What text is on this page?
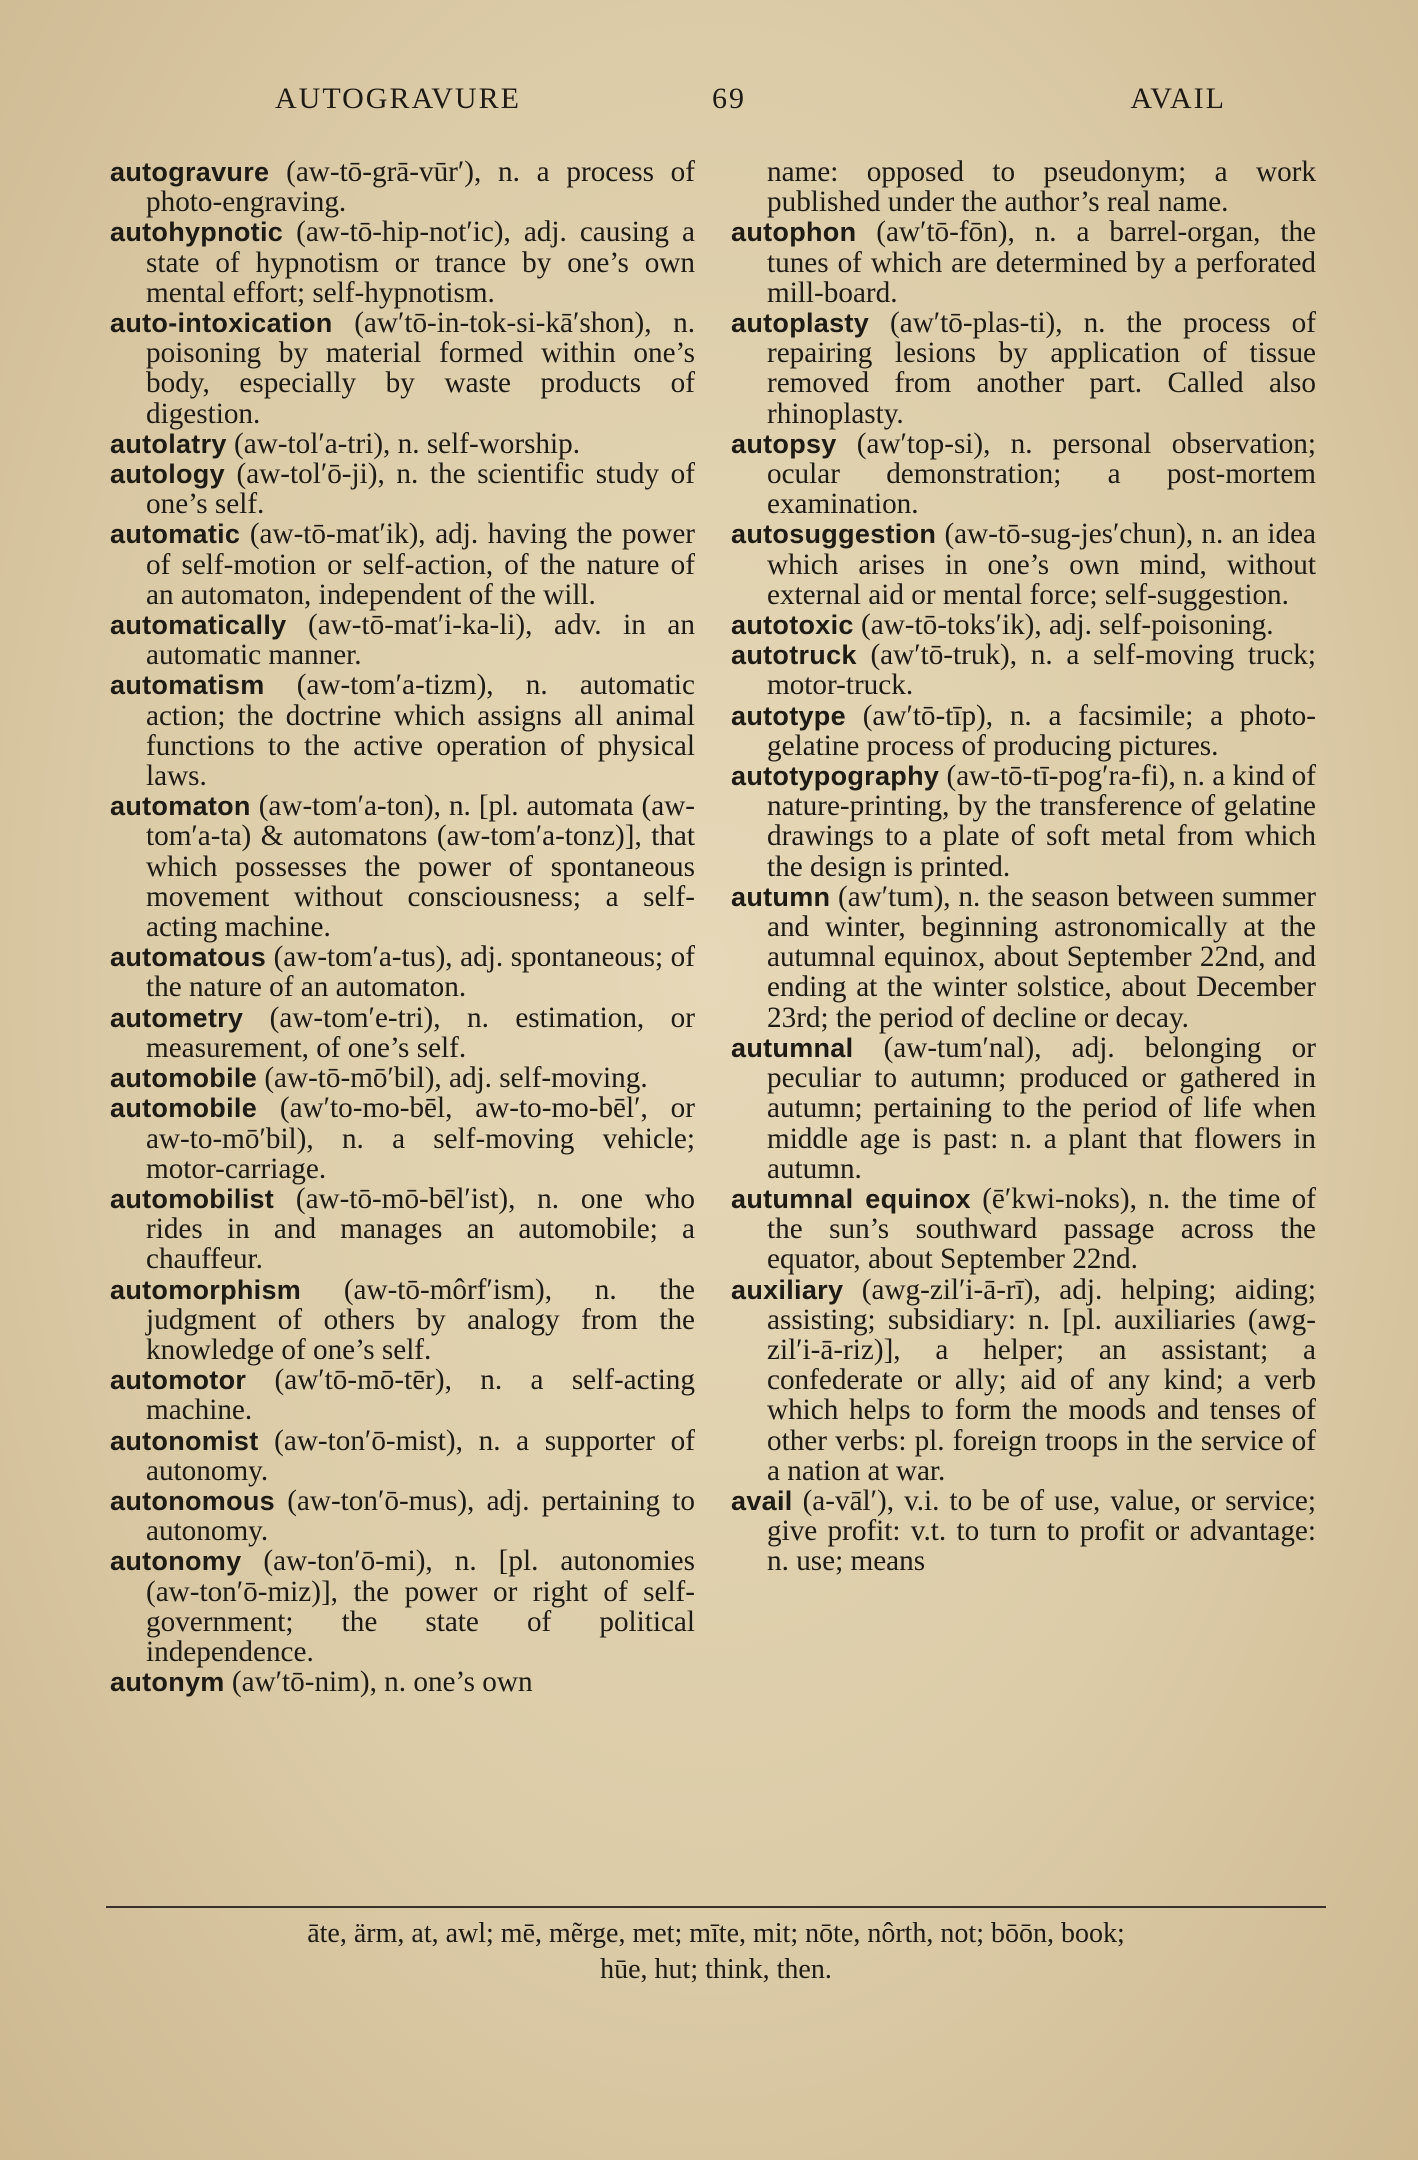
AUTOGRAVURE	69	AVAIL

autogravure (aw-tō-grā-vūr′), n. a process of photo-engraving.

autohypnotic (aw-tō-hip-not′ic), adj. causing a state of hypnotism or trance by one’s own mental effort; self-hypnotism.

auto-intoxication (aw′tō-in-tok-si-kā′shon), n. poisoning by material formed within one’s body, especially by waste products of digestion.

autolatry (aw-tol′a-tri), n. self-worship.

autology (aw-tol′ō-ji), n. the scientific study of one’s self.

automatic (aw-tō-mat′ik), adj. having the power of self-motion or self-action, of the nature of an automaton, independent of the will.

automatically (aw-tō-mat′i-ka-li), adv. in an automatic manner.

automatism (aw-tom′a-tizm), n. automatic action; the doctrine which assigns all animal functions to the active operation of physical laws.

automaton (aw-tom′a-ton), n. [pl. automata (aw-tom′a-ta) & automatons (aw-tom′a-tonz)], that which possesses the power of spontaneous movement without consciousness; a self-acting machine.

automatous (aw-tom′a-tus), adj. spontaneous; of the nature of an automaton.

autometry (aw-tom′e-tri), n. estimation, or measurement, of one’s self.

automobile (aw-tō-mō′bil), adj. self-moving.

automobile (aw′to-mo-bēl, aw-to-mo-bēl′, or aw-to-mō′bil), n. a self-moving vehicle; motor-carriage.

automobilist (aw-tō-mō-bēl′ist), n. one who rides in and manages an automobile; a chauffeur.

automorphism (aw-tō-môrf′ism), n. the judgment of others by analogy from the knowledge of one’s self.

automotor (aw′tō-mō-tēr), n. a self-acting machine.

autonomist (aw-ton′ō-mist), n. a supporter of autonomy.

autonomous (aw-ton′ō-mus), adj. pertaining to autonomy.

autonomy (aw-ton′ō-mi), n. [pl. autonomies (aw-ton′ō-miz)], the power or right of self-government; the state of political independence.

autonym (aw′tō-nim), n. one’s own

name: opposed to pseudonym; a work published under the author’s real name.

autophon (aw′tō-fōn), n. a barrel-organ, the tunes of which are determined by a perforated mill-board.

autoplasty (aw′tō-plas-ti), n. the process of repairing lesions by application of tissue removed from another part. Called also rhinoplasty.

autopsy (aw′top-si), n. personal observation; ocular demonstration; a post-mortem examination.

autosuggestion (aw-tō-sug-jes′chun), n. an idea which arises in one’s own mind, without external aid or mental force; self-suggestion.

autotoxic (aw-tō-toks′ik), adj. self-poisoning.

autotruck (aw′tō-truk), n. a self-moving truck; motor-truck.

autotype (aw′tō-tīp), n. a facsimile; a photo-gelatine process of producing pictures.

autotypography (aw-tō-tī-pog′ra-fi), n. a kind of nature-printing, by the transference of gelatine drawings to a plate of soft metal from which the design is printed.

autumn (aw′tum), n. the season between summer and winter, beginning astronomically at the autumnal equinox, about September 22nd, and ending at the winter solstice, about December 23rd; the period of decline or decay.

autumnal (aw-tum′nal), adj. belonging or peculiar to autumn; produced or gathered in autumn; pertaining to the period of life when middle age is past: n. a plant that flowers in autumn.

autumnal equinox (ē′kwi-noks), n. the time of the sun’s southward passage across the equator, about September 22nd.

auxiliary (awg-zil′i-ā-rī), adj. helping; aiding; assisting; subsidiary: n. [pl. auxiliaries (awg-zil′i-ā-riz)], a helper; an assistant; a confederate or ally; aid of any kind; a verb which helps to form the moods and tenses of other verbs: pl. foreign troops in the service of a nation at war.

avail (a-vāl′), v.i. to be of use, value, or service; give profit: v.t. to turn to profit or advantage: n. use; means

āte, ärm, at, awl; mē, mẽrge, met; mīte, mit; nōte, nôrth, not; bōōn, book;
hūe, hut; think, then.
